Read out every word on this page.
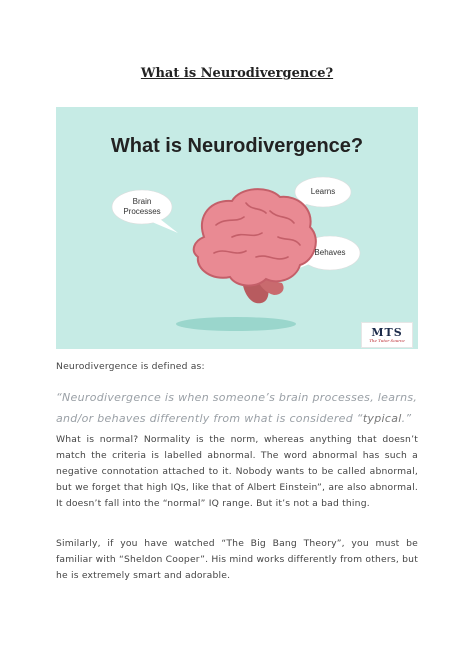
What is Neurodivergence?
What is Neurodivergence?
Brain
Processes
Learns
Behaves
MTS
The Tutor Source
Neurodivergence is defined as:
“Neurodivergence is when someone’s brain processes, learns, and/or behaves differently from what is considered “typical.”
What is normal? Normality is the norm, whereas anything that doesn’t match the criteria is labelled abnormal. The word abnormal has such a negative connotation attached to it. Nobody wants to be called abnormal, but we forget that high IQs, like that of Albert Einstein”, are also abnormal. It doesn’t fall into the “normal” IQ range. But it’s not a bad thing.
Similarly, if you have watched “The Big Bang Theory”, you must be familiar with “Sheldon Cooper”. His mind works differently from others, but he is extremely smart and adorable.
